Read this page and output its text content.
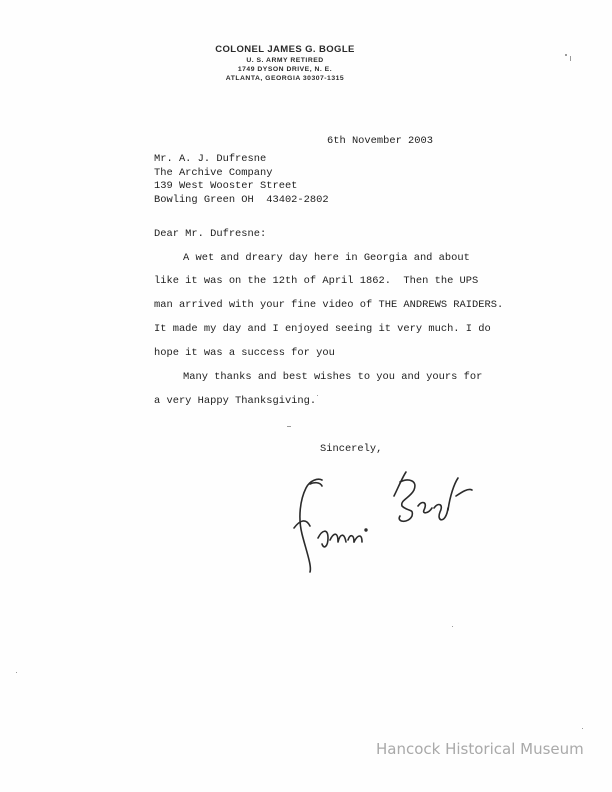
COLONEL JAMES G. BOGLE
U. S. ARMY RETIRED
1749 DYSON DRIVE, N. E.
ATLANTA, GEORGIA 30307-1315
6th November 2003
Mr. A. J. Dufresne
The Archive Company
139 West Wooster Street
Bowling Green OH  43402-2802
Dear Mr. Dufresne:
A wet and dreary day here in Georgia and about
like it was on the 12th of April 1862.  Then the UPS
man arrived with your fine video of THE ANDREWS RAIDERS.
It made my day and I enjoyed seeing it very much. I do
hope it was a success for you
Many thanks and best wishes to you and yours for
a very Happy Thanksgiving.
Sincerely,
Hancock Historical Museum
